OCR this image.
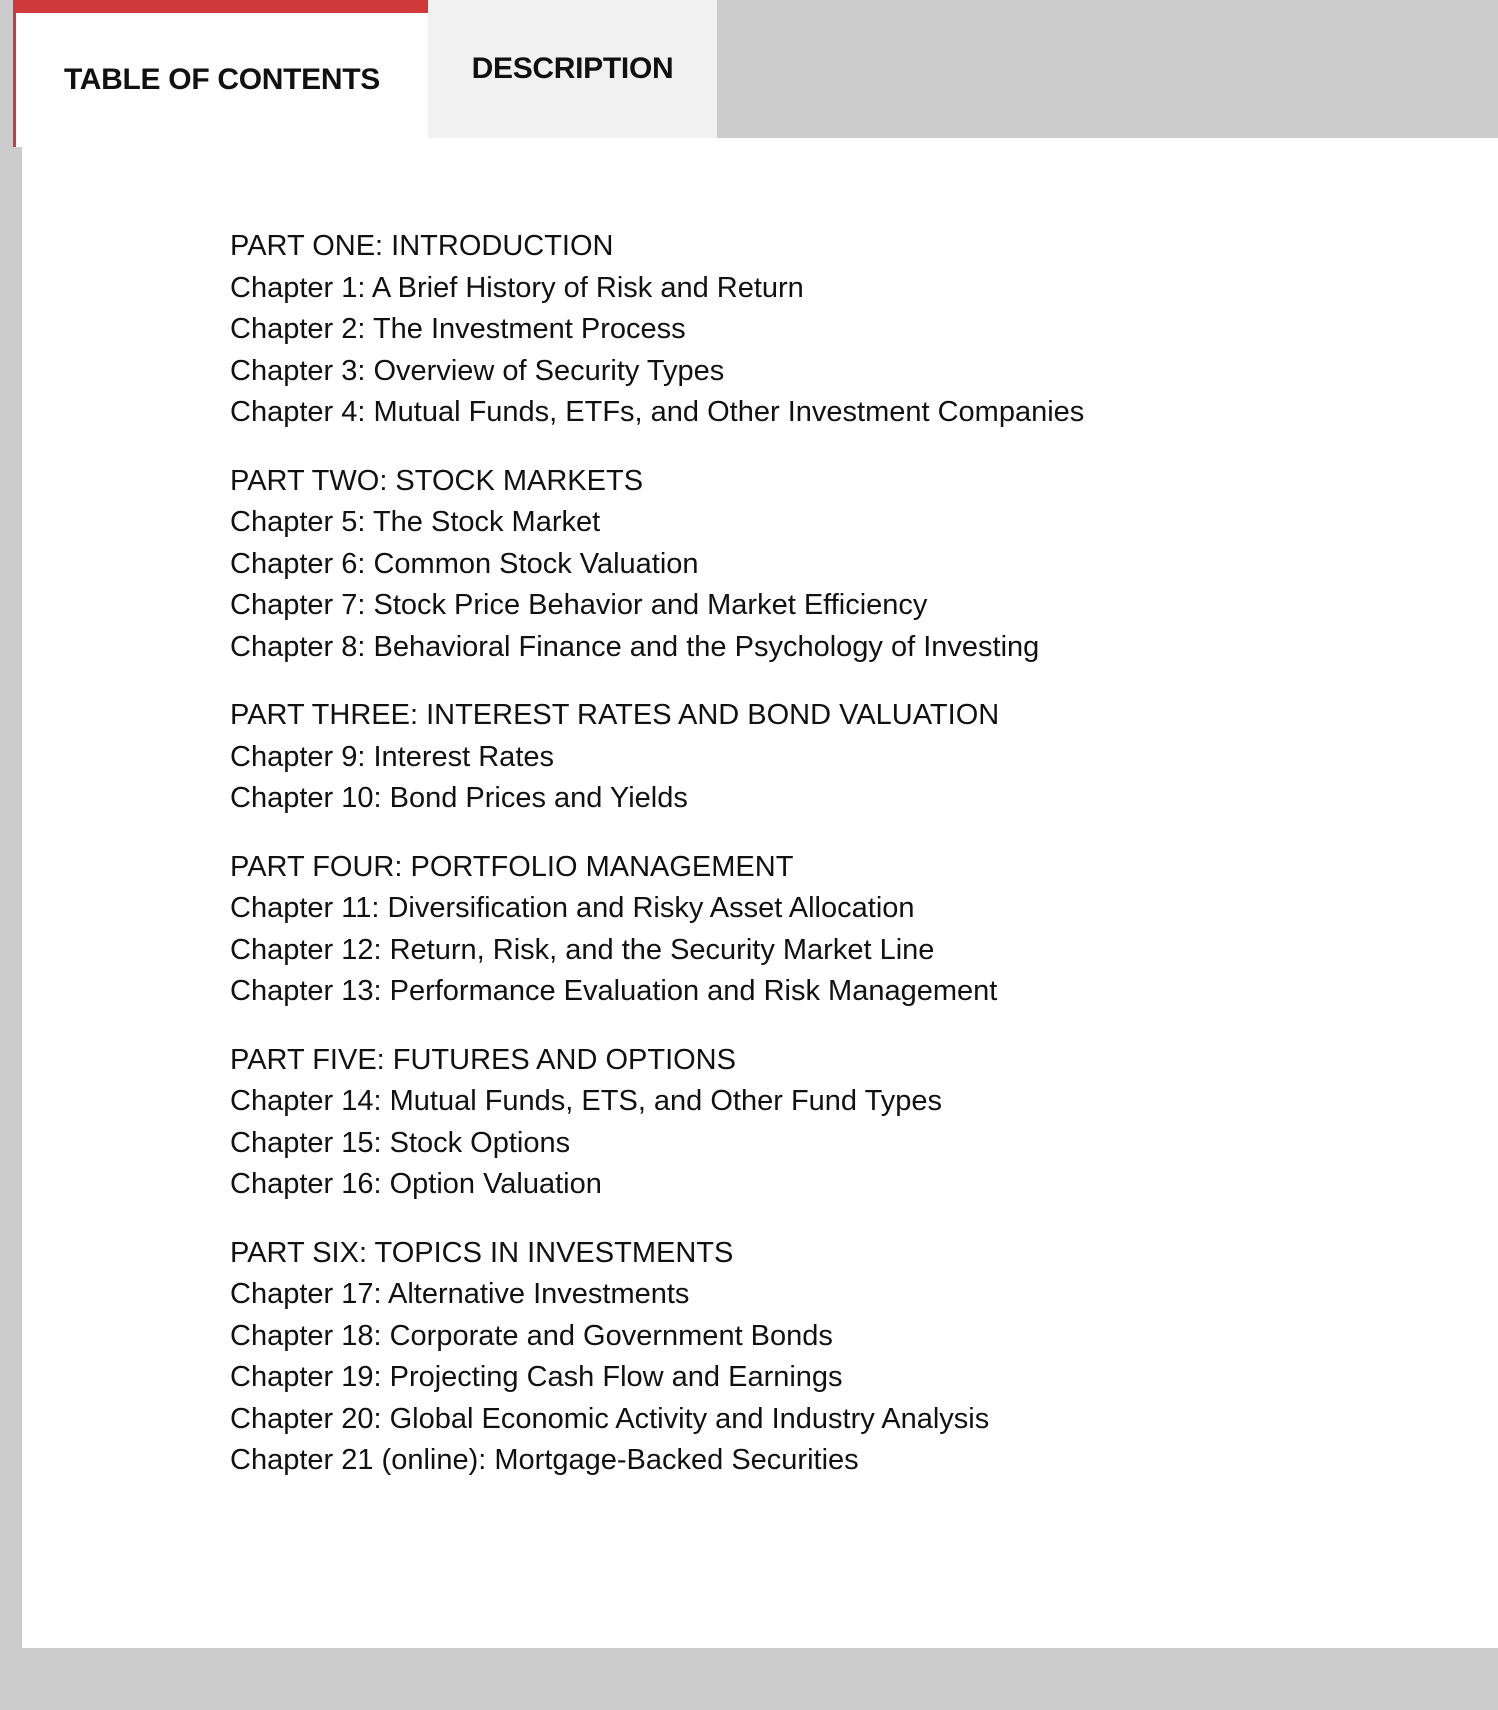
TABLE OF CONTENTS	DESCRIPTION
PART ONE: INTRODUCTION
Chapter 1: A Brief History of Risk and Return
Chapter 2: The Investment Process
Chapter 3: Overview of Security Types
Chapter 4: Mutual Funds, ETFs, and Other Investment Companies
PART TWO: STOCK MARKETS
Chapter 5: The Stock Market
Chapter 6: Common Stock Valuation
Chapter 7: Stock Price Behavior and Market Efficiency
Chapter 8: Behavioral Finance and the Psychology of Investing
PART THREE: INTEREST RATES AND BOND VALUATION
Chapter 9: Interest Rates
Chapter 10: Bond Prices and Yields
PART FOUR: PORTFOLIO MANAGEMENT
Chapter 11: Diversification and Risky Asset Allocation
Chapter 12: Return, Risk, and the Security Market Line
Chapter 13: Performance Evaluation and Risk Management
PART FIVE: FUTURES AND OPTIONS
Chapter 14: Mutual Funds, ETS, and Other Fund Types
Chapter 15: Stock Options
Chapter 16: Option Valuation
PART SIX: TOPICS IN INVESTMENTS
Chapter 17: Alternative Investments
Chapter 18: Corporate and Government Bonds
Chapter 19: Projecting Cash Flow and Earnings
Chapter 20: Global Economic Activity and Industry Analysis
Chapter 21 (online): Mortgage-Backed Securities
